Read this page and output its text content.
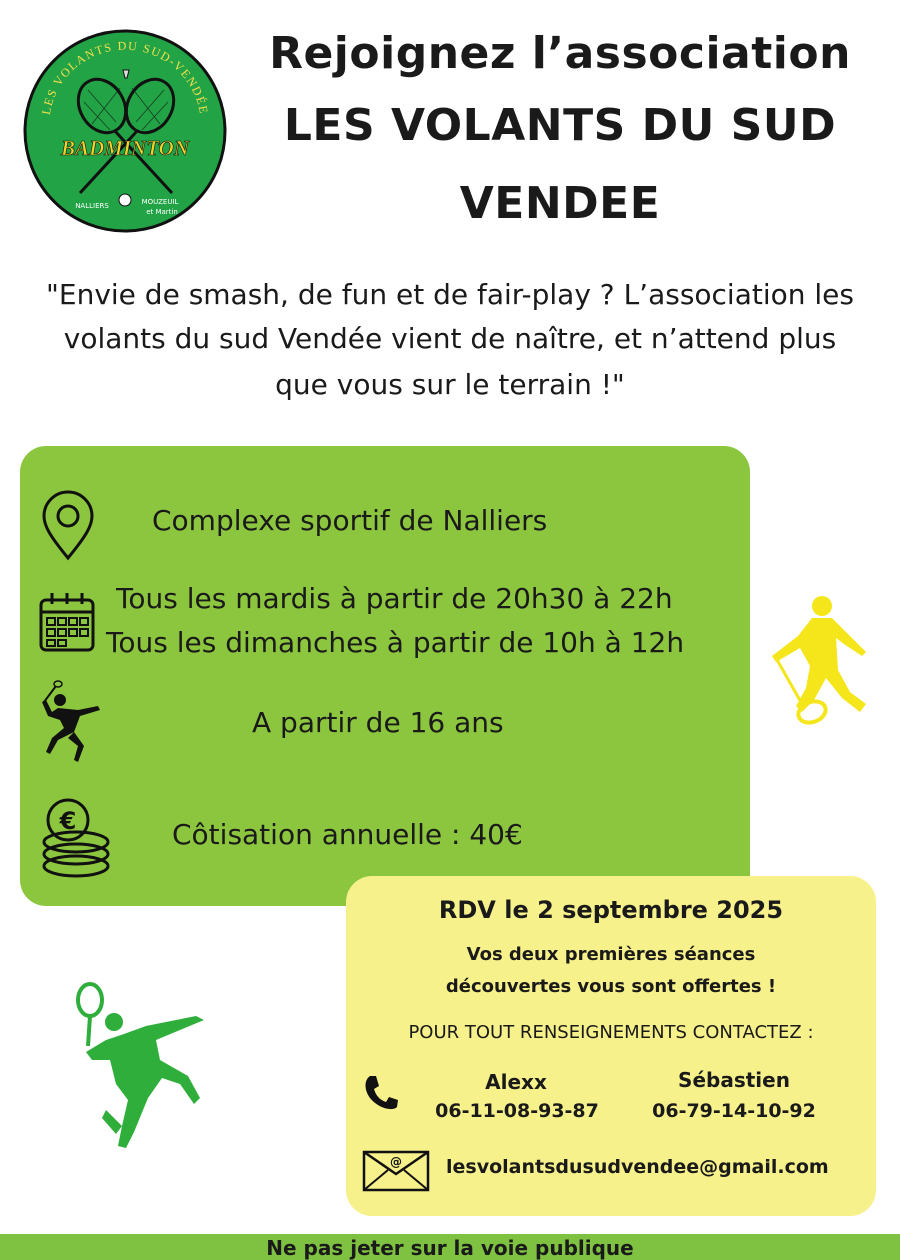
LES VOLANTS DU SUD-VENDÉE
BADMINTON
NALLIERS	MOUZEUIL
et Martin
Rejoignez l’association
LES VOLANTS DU SUD
VENDEE
"Envie de smash, de fun et de fair-play ? L’association les
volants du sud Vendée vient de naître, et n’attend plus
que vous sur le terrain !"
Complexe sportif de Nalliers
Tous les mardis à partir de 20h30 à 22h
Tous les dimanches à partir de 10h à 12h
A partir de 16 ans
€	Côtisation annuelle : 40€
RDV le 2 septembre 2025
Vos deux premières séances
découvertes vous sont offertes !
POUR TOUT RENSEIGNEMENTS CONTACTEZ :
Alexx
06-11-08-93-87
Sébastien
06-79-14-10-92
@ lesvolantsdusudvendee@gmail.com
Ne pas jeter sur la voie publique
